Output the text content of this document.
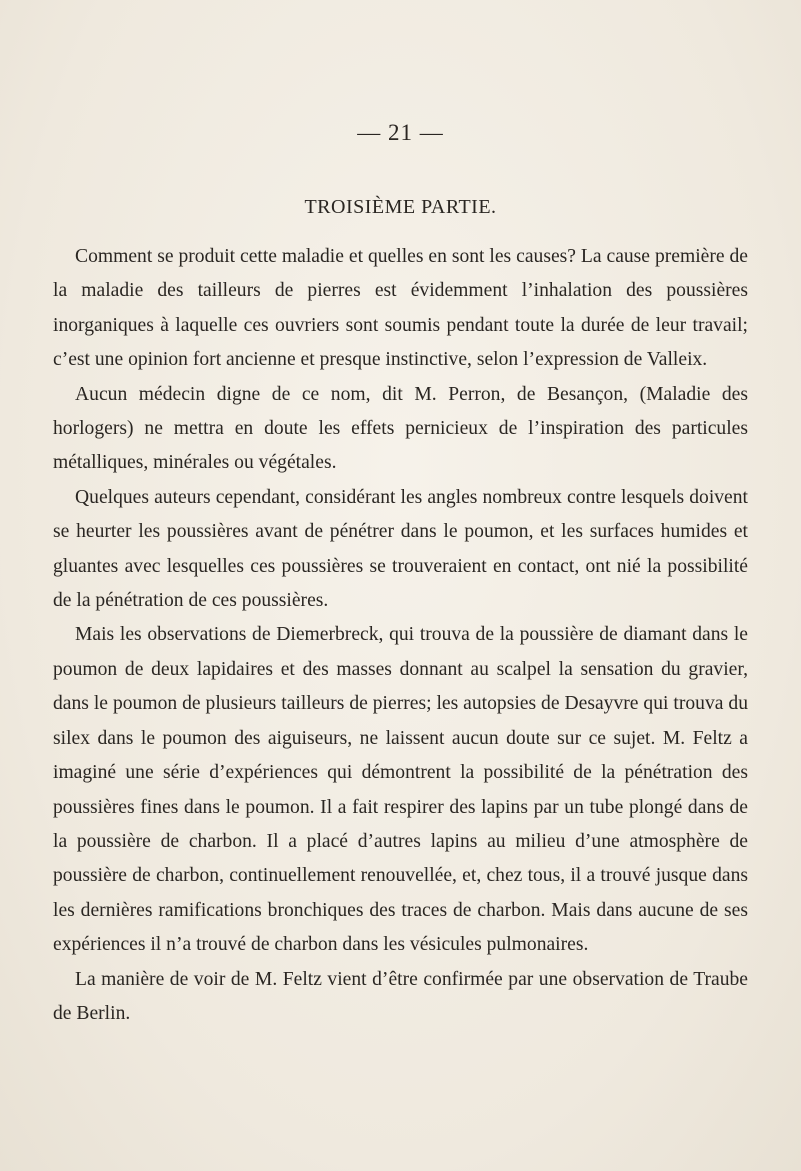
— 21 —
TROISIÈME PARTIE.

Comment se produit cette maladie et quelles en sont les causes? La cause première de la maladie des tailleurs de pierres est évidemment l’inhalation des poussières inorganiques à laquelle ces ouvriers sont soumis pendant toute la durée de leur travail; c’est une opinion fort ancienne et presque instinctive, selon l’expression de Valleix.

Aucun médecin digne de ce nom, dit M. Perron, de Besançon, (Maladie des horlogers) ne mettra en doute les effets pernicieux de l’inspiration des particules métalliques, minérales ou végétales.

Quelques auteurs cependant, considérant les angles nombreux contre lesquels doivent se heurter les poussières avant de pénétrer dans le poumon, et les surfaces humides et gluantes avec lesquelles ces poussières se trouveraient en contact, ont nié la possibilité de la pénétration de ces poussières.

Mais les observations de Diemerbreck, qui trouva de la poussière de diamant dans le poumon de deux lapidaires et des masses donnant au scalpel la sensation du gravier, dans le poumon de plusieurs tailleurs de pierres; les autopsies de Desayvre qui trouva du silex dans le poumon des aiguiseurs, ne laissent aucun doute sur ce sujet. M. Feltz a imaginé une série d’expériences qui démontrent la possibilité de la pénétration des poussières fines dans le poumon. Il a fait respirer des lapins par un tube plongé dans de la poussière de charbon. Il a placé d’autres lapins au milieu d’une atmosphère de poussière de charbon, continuellement renouvellée, et, chez tous, il a trouvé jusque dans les dernières ramifications bronchiques des traces de charbon. Mais dans aucune de ses expériences il n’a trouvé de charbon dans les vésicules pulmonaires.

La manière de voir de M. Feltz vient d’être confirmée par une observation de Traube de Berlin.
